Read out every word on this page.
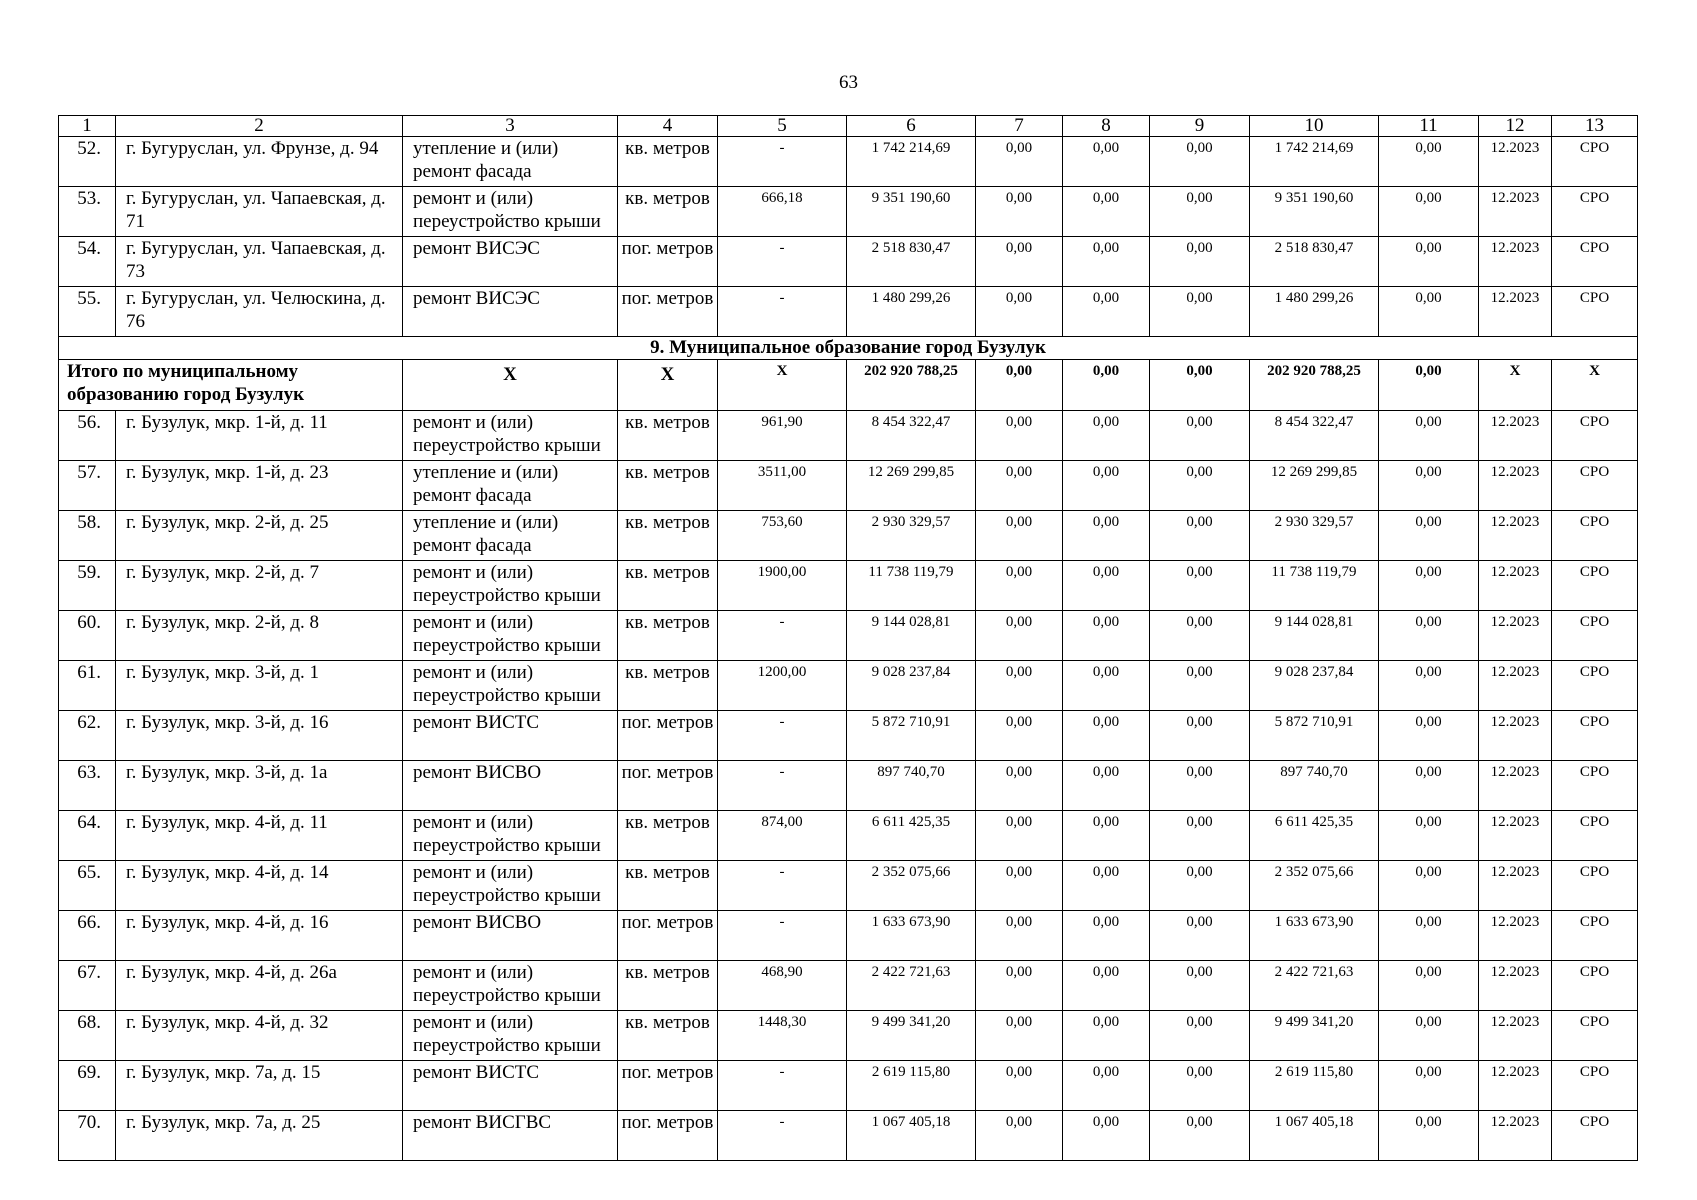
63
1	2	3	4	5	6	7	8	9	10	11	12	13
52.	г. Бугуруслан, ул. Фрунзе, д. 94	утепление и (или) ремонт фасада	кв. метров	-	1 742 214,69	0,00	0,00	0,00	1 742 214,69	0,00	12.2023	СРО
53.	г. Бугуруслан, ул. Чапаевская, д. 71	ремонт и (или) переустройство крыши	кв. метров	666,18	9 351 190,60	0,00	0,00	0,00	9 351 190,60	0,00	12.2023	СРО
54.	г. Бугуруслан, ул. Чапаевская, д. 73	ремонт ВИСЭС	пог. метров	-	2 518 830,47	0,00	0,00	0,00	2 518 830,47	0,00	12.2023	СРО
55.	г. Бугуруслан, ул. Челюскина, д. 76	ремонт ВИСЭС	пог. метров	-	1 480 299,26	0,00	0,00	0,00	1 480 299,26	0,00	12.2023	СРО
9. Муниципальное образование город Бузулук												
Итого по муниципальному образованию город Бузулук		Х	Х	Х	202 920 788,25	0,00	0,00	0,00	202 920 788,25	0,00	Х	Х
56.	г. Бузулук, мкр. 1-й, д. 11	ремонт и (или) переустройство крыши	кв. метров	961,90	8 454 322,47	0,00	0,00	0,00	8 454 322,47	0,00	12.2023	СРО
57.	г. Бузулук, мкр. 1-й, д. 23	утепление и (или) ремонт фасада	кв. метров	3511,00	12 269 299,85	0,00	0,00	0,00	12 269 299,85	0,00	12.2023	СРО
58.	г. Бузулук, мкр. 2-й, д. 25	утепление и (или) ремонт фасада	кв. метров	753,60	2 930 329,57	0,00	0,00	0,00	2 930 329,57	0,00	12.2023	СРО
59.	г. Бузулук, мкр. 2-й, д. 7	ремонт и (или) переустройство крыши	кв. метров	1900,00	11 738 119,79	0,00	0,00	0,00	11 738 119,79	0,00	12.2023	СРО
60.	г. Бузулук, мкр. 2-й, д. 8	ремонт и (или) переустройство крыши	кв. метров	-	9 144 028,81	0,00	0,00	0,00	9 144 028,81	0,00	12.2023	СРО
61.	г. Бузулук, мкр. 3-й, д. 1	ремонт и (или) переустройство крыши	кв. метров	1200,00	9 028 237,84	0,00	0,00	0,00	9 028 237,84	0,00	12.2023	СРО
62.	г. Бузулук, мкр. 3-й, д. 16	ремонт ВИСТС	пог. метров	-	5 872 710,91	0,00	0,00	0,00	5 872 710,91	0,00	12.2023	СРО
63.	г. Бузулук, мкр. 3-й, д. 1а	ремонт ВИСВО	пог. метров	-	897 740,70	0,00	0,00	0,00	897 740,70	0,00	12.2023	СРО
64.	г. Бузулук, мкр. 4-й, д. 11	ремонт и (или) переустройство крыши	кв. метров	874,00	6 611 425,35	0,00	0,00	0,00	6 611 425,35	0,00	12.2023	СРО
65.	г. Бузулук, мкр. 4-й, д. 14	ремонт и (или) переустройство крыши	кв. метров	-	2 352 075,66	0,00	0,00	0,00	2 352 075,66	0,00	12.2023	СРО
66.	г. Бузулук, мкр. 4-й, д. 16	ремонт ВИСВО	пог. метров	-	1 633 673,90	0,00	0,00	0,00	1 633 673,90	0,00	12.2023	СРО
67.	г. Бузулук, мкр. 4-й, д. 26а	ремонт и (или) переустройство крыши	кв. метров	468,90	2 422 721,63	0,00	0,00	0,00	2 422 721,63	0,00	12.2023	СРО
68.	г. Бузулук, мкр. 4-й, д. 32	ремонт и (или) переустройство крыши	кв. метров	1448,30	9 499 341,20	0,00	0,00	0,00	9 499 341,20	0,00	12.2023	СРО
69.	г. Бузулук, мкр. 7а, д. 15	ремонт ВИСТС	пог. метров	-	2 619 115,80	0,00	0,00	0,00	2 619 115,80	0,00	12.2023	СРО
70.	г. Бузулук, мкр. 7а, д. 25	ремонт ВИСГВС	пог. метров	-	1 067 405,18	0,00	0,00	0,00	1 067 405,18	0,00	12.2023	СРО
